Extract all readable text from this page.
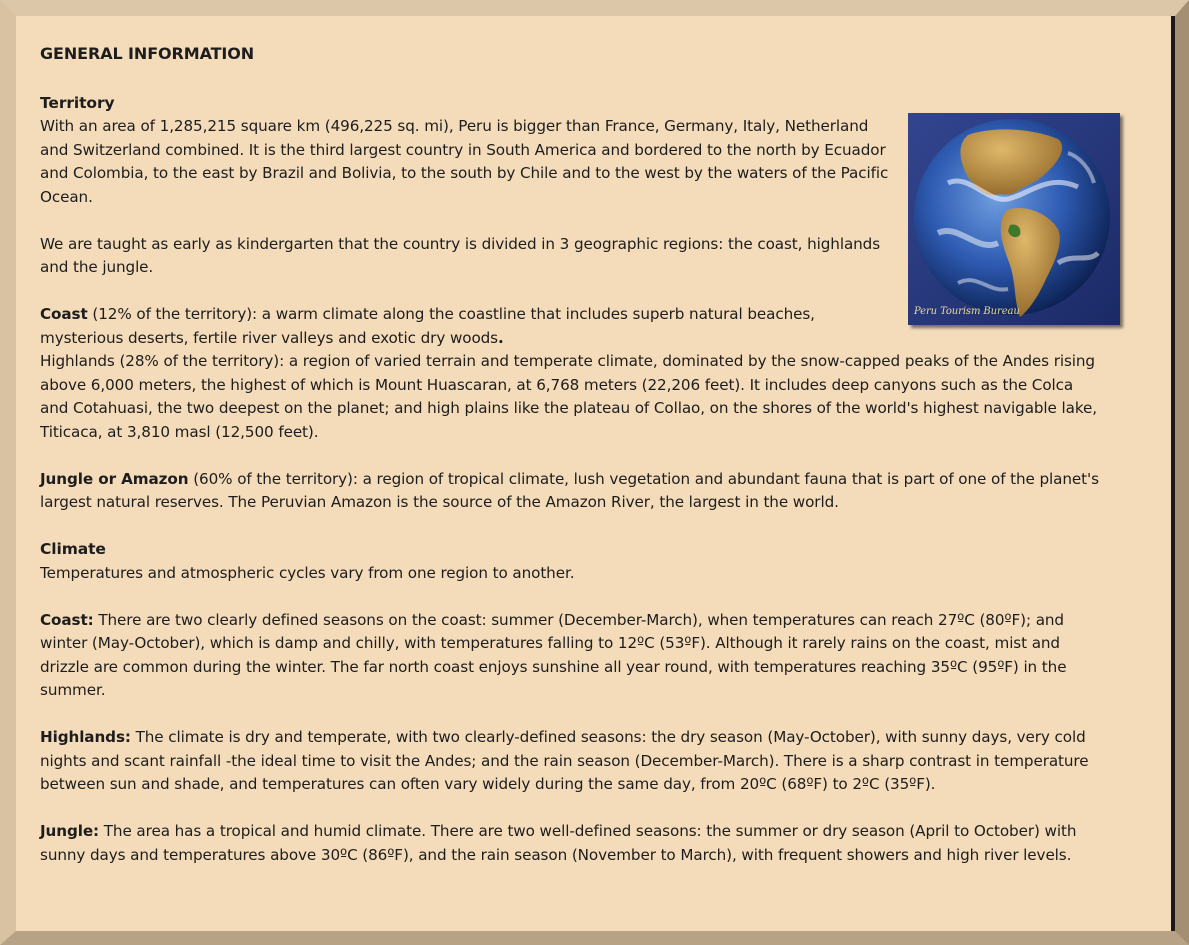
GENERAL INFORMATION
Territory
Peru Tourism Bureau

With an area of 1,285,215 square km (496,225 sq. mi), Peru is bigger than France, Germany, Italy, Netherland and Switzerland combined. It is the third largest country in South America and bordered to the north by Ecuador and Colombia, to the east by Brazil and Bolivia, to the south by Chile and to the west by the waters of the Pacific Ocean.

We are taught as early as kindergarten that the country is divided in 3 geographic regions: the coast, highlands and the jungle.

Coast (12% of the territory): a warm climate along the coastline that includes superb natural beaches, mysterious deserts, fertile river valleys and exotic dry woods.

Highlands (28% of the territory): a region of varied terrain and temperate climate, dominated by the snow-capped peaks of the Andes rising above 6,000 meters, the highest of which is Mount Huascaran, at 6,768 meters (22,206 feet). It includes deep canyons such as the Colca and Cotahuasi, the two deepest on the planet; and high plains like the plateau of Collao, on the shores of the world's highest navigable lake, Titicaca, at 3,810 masl (12,500 feet).

Jungle or Amazon (60% of the territory): a region of tropical climate, lush vegetation and abundant fauna that is part of one of the planet's largest natural reserves. The Peruvian Amazon is the source of the Amazon River, the largest in the world.

Climate

Temperatures and atmospheric cycles vary from one region to another.

Coast: There are two clearly defined seasons on the coast: summer (December-March), when temperatures can reach 27ºC (80ºF); and winter (May-October), which is damp and chilly, with temperatures falling to 12ºC (53ºF). Although it rarely rains on the coast, mist and drizzle are common during the winter. The far north coast enjoys sunshine all year round, with temperatures reaching 35ºC (95ºF) in the summer.

Highlands: The climate is dry and temperate, with two clearly-defined seasons: the dry season (May-October), with sunny days, very cold nights and scant rainfall -the ideal time to visit the Andes; and the rain season (December-March). There is a sharp contrast in temperature between sun and shade, and temperatures can often vary widely during the same day, from 20ºC (68ºF) to 2ºC (35ºF).

Jungle: The area has a tropical and humid climate. There are two well-defined seasons: the summer or dry season (April to October) with sunny days and temperatures above 30ºC (86ºF), and the rain season (November to March), with frequent showers and high river levels.
